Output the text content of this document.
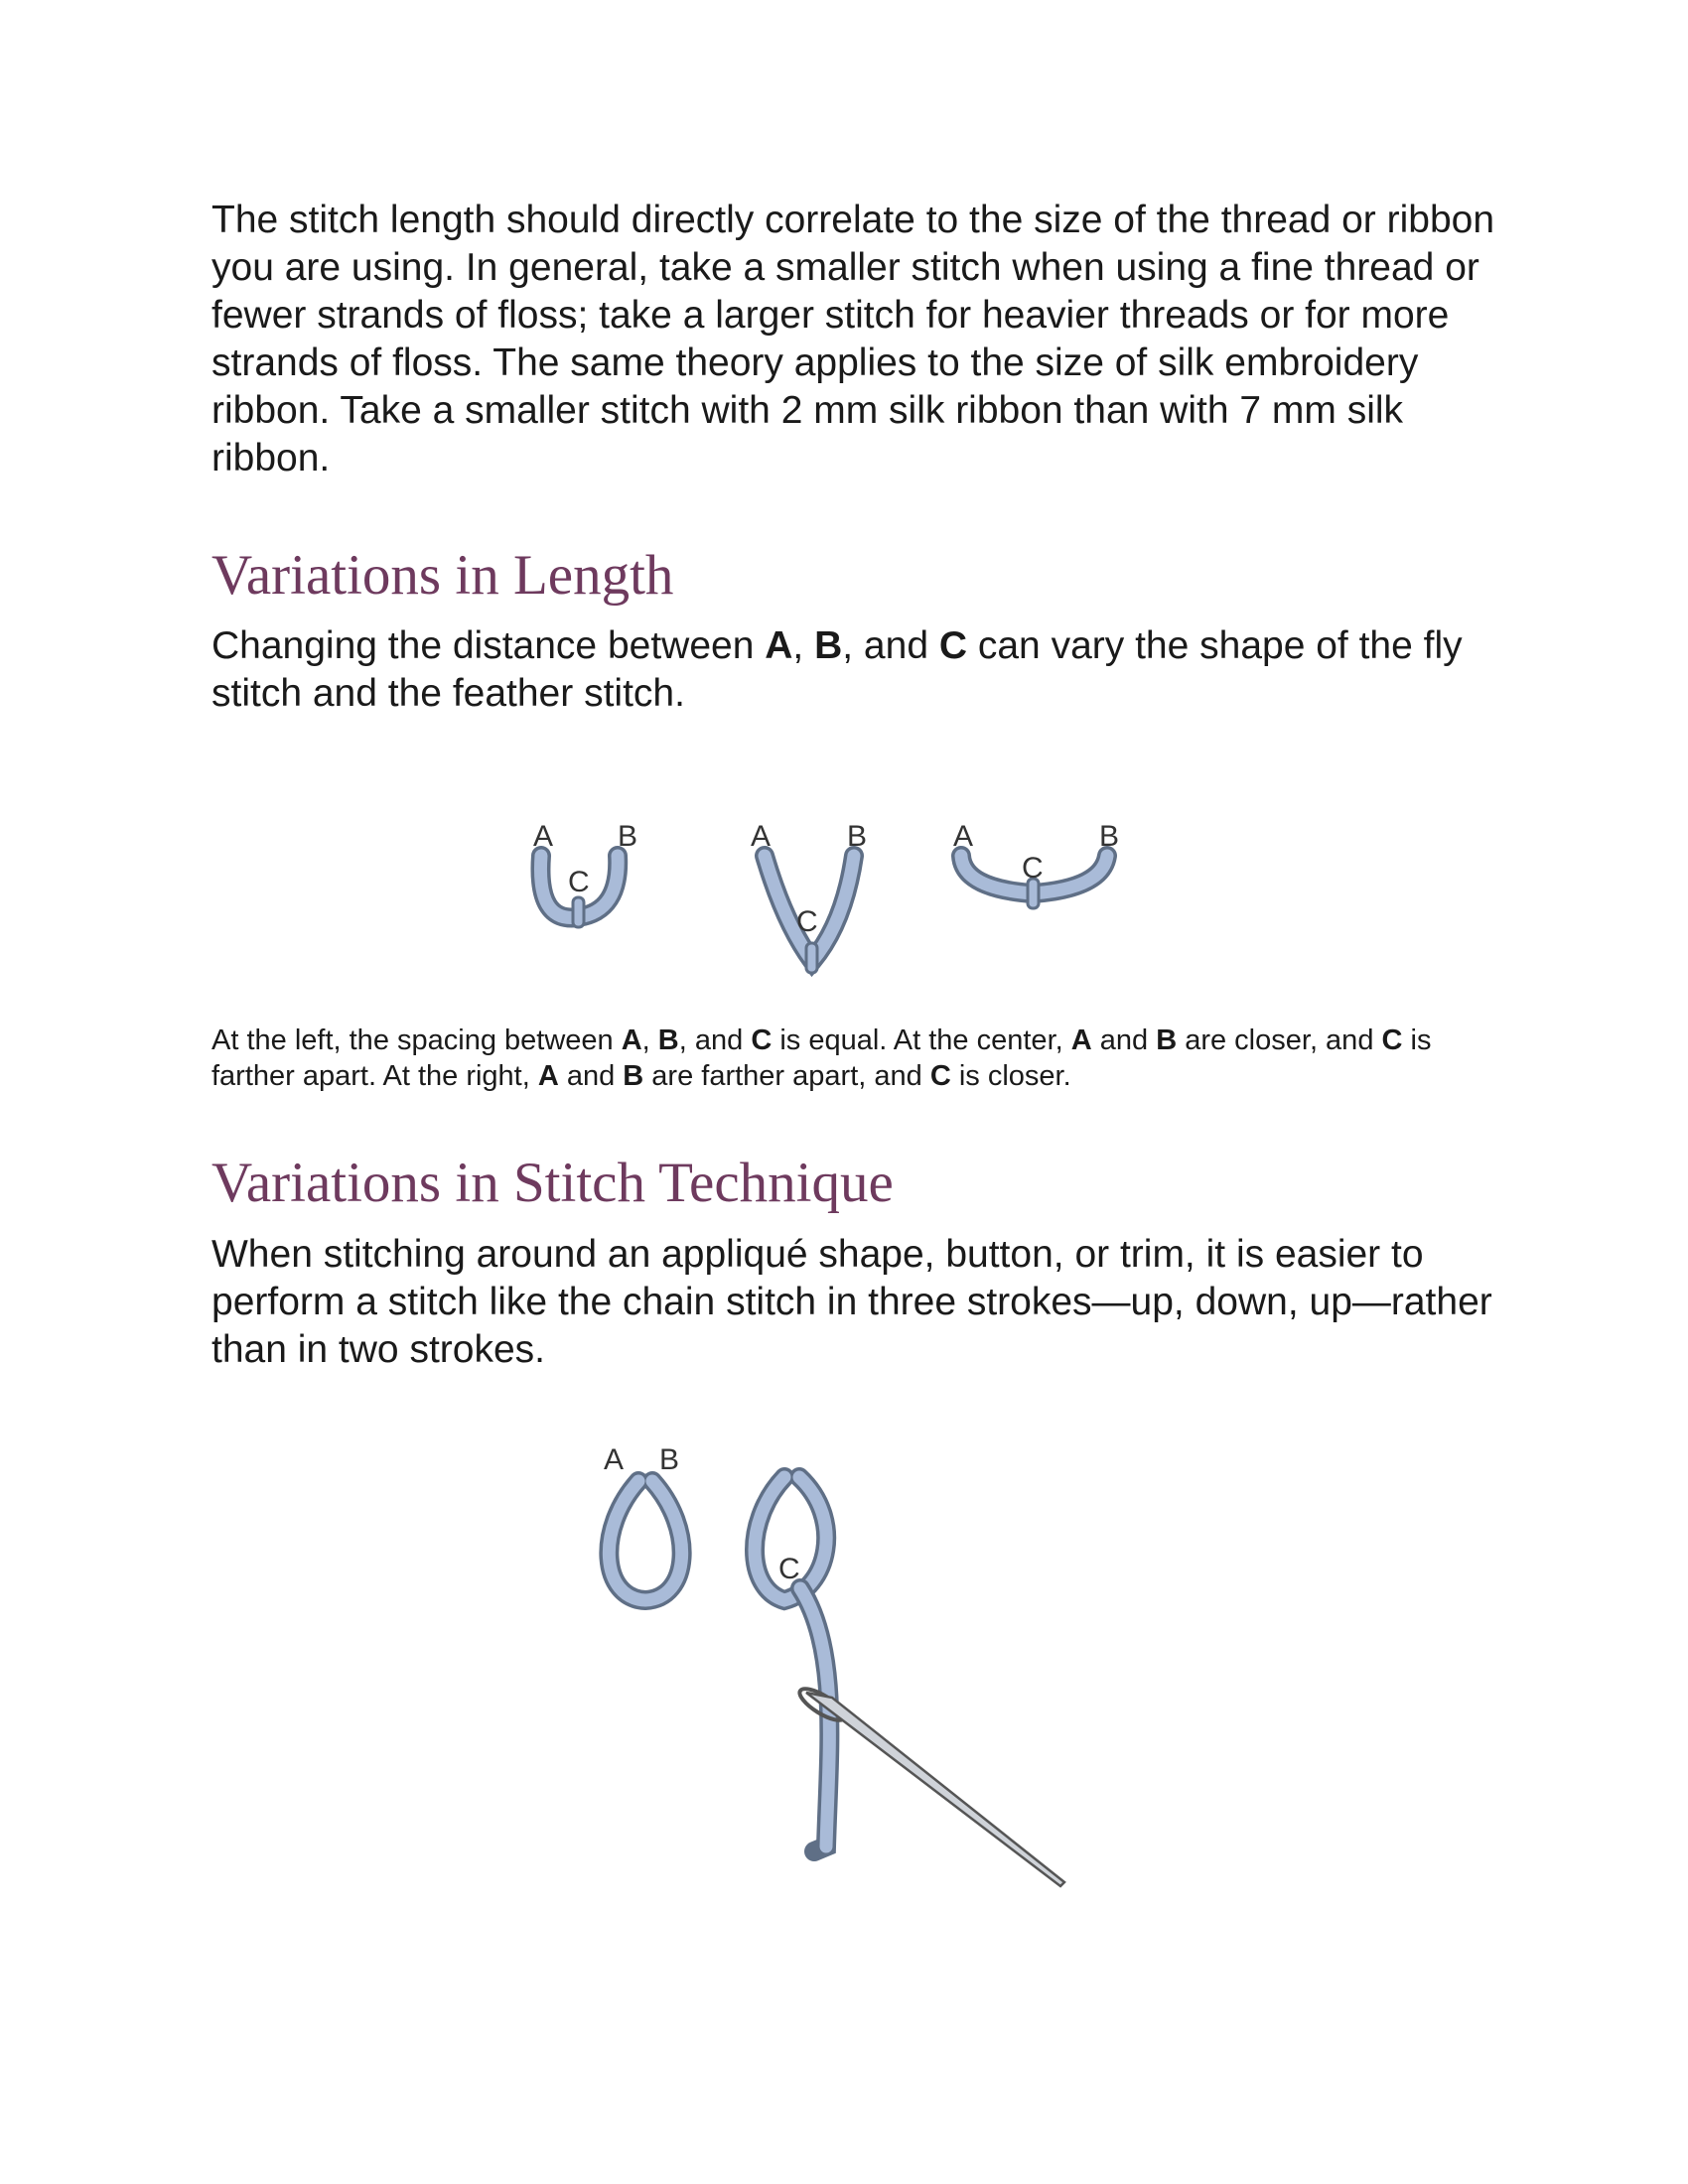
The stitch length should directly correlate to the size of the thread or ribbon you are using. In general, take a smaller stitch when using a fine thread or fewer strands of floss; take a larger stitch for heavier threads or for more strands of floss. The same theory applies to the size of silk embroidery ribbon. Take a smaller stitch with 2 mm silk ribbon than with 7 mm silk ribbon.

Variations in Length

Changing the distance between A, B, and C can vary the shape of the fly stitch and the feather stitch.

A B
C
A	B
C
A	B
C
A B
C

At the left, the spacing between A, B, and C is equal. At the center, A and B are closer, and C is farther apart. At the right, A and B are farther apart, and C is closer.

Variations in Stitch Technique

When stitching around an appliqué shape, button, or trim, it is easier to perform a stitch like the chain stitch in three strokes—up, down, up—rather than in two strokes.
